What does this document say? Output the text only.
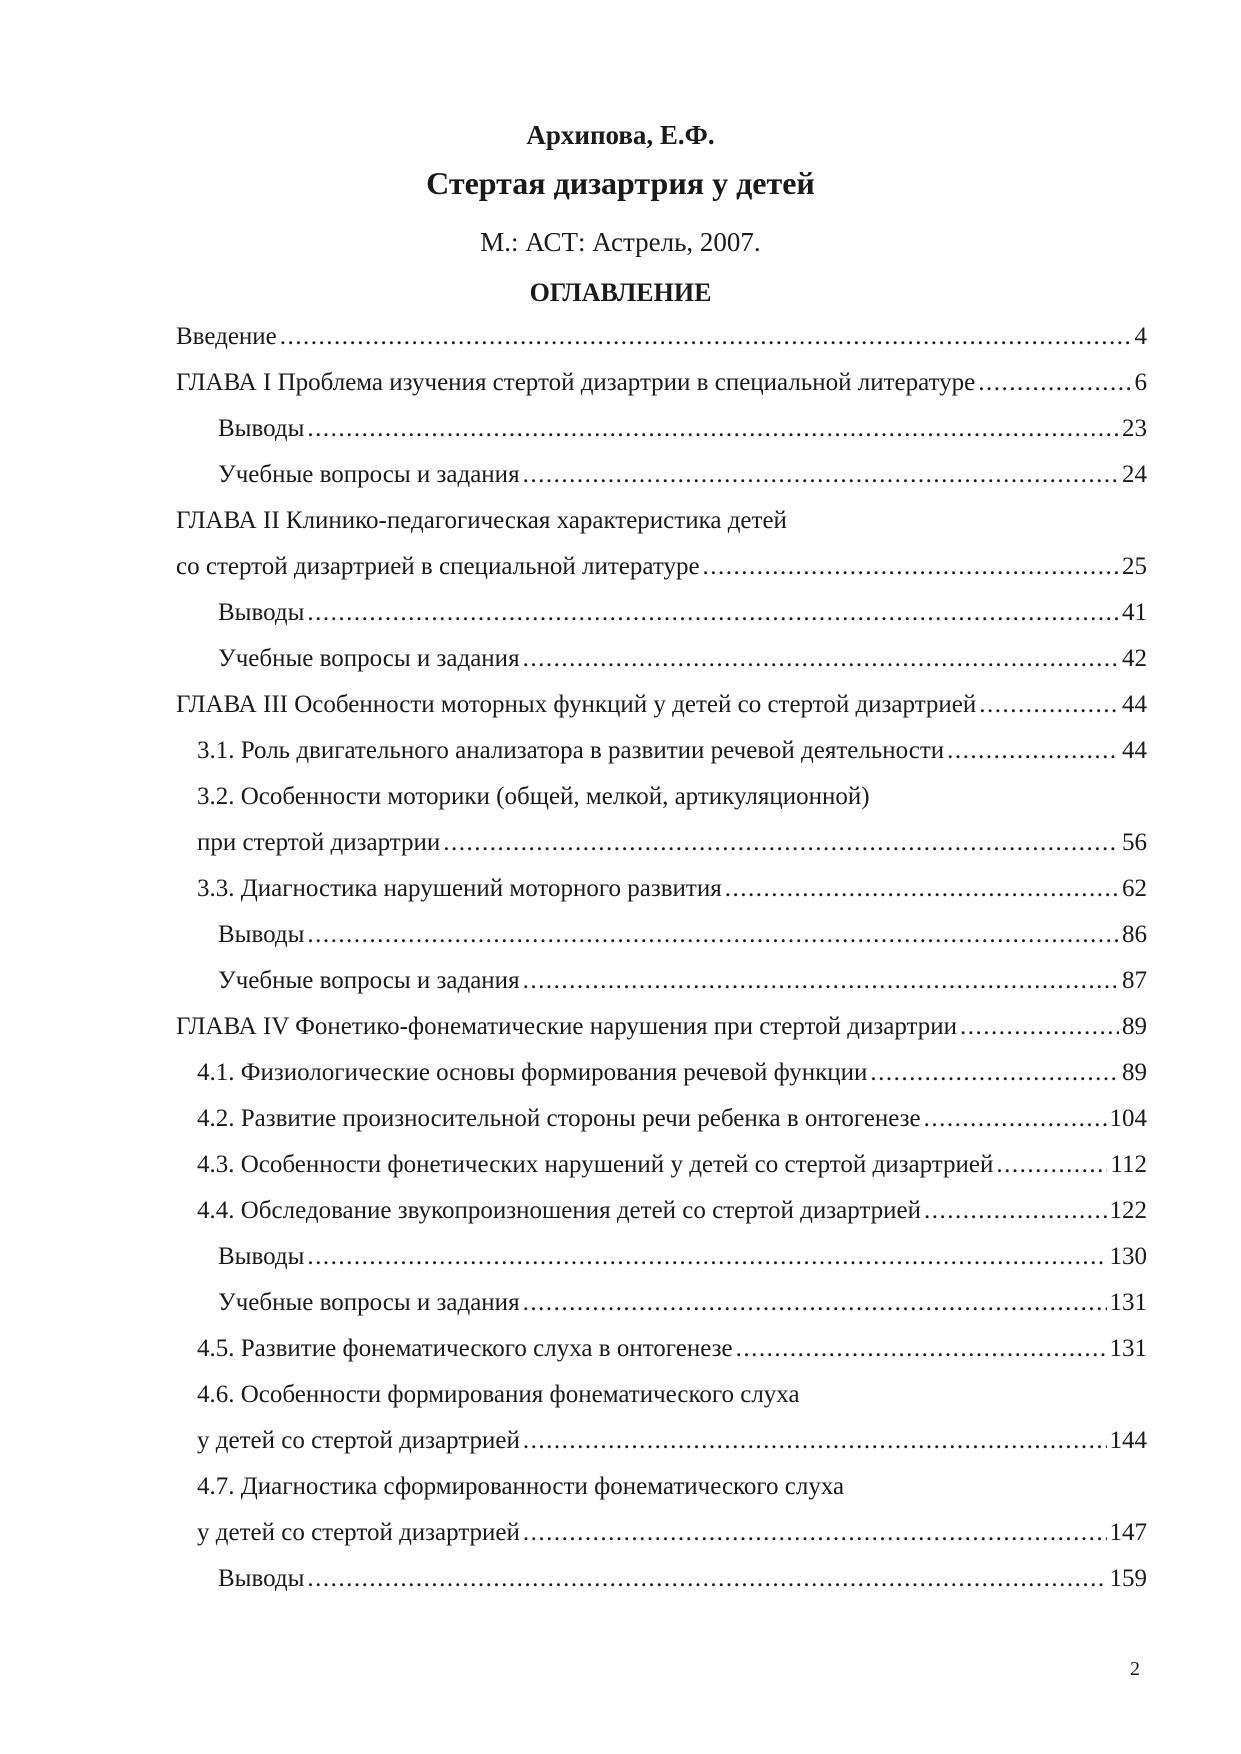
Архипова, Е.Ф.
Стертая дизартрия у детей
М.: АСТ: Астрель, 2007.
ОГЛАВЛЕНИЕ
Введение .....	4
ГЛАВА I Проблема изучения стертой дизартрии в специальной литературе .....	6
Выводы .....	23
Учебные вопросы и задания .....	24
ГЛАВА II Клинико-педагогическая характеристика детей
со стертой дизартрией в специальной литературе .....	25
Выводы .....	41
Учебные вопросы и задания .....	42
ГЛАВА III Особенности моторных функций у детей со стертой дизартрией .....	44
3.1. Роль двигательного анализатора в развитии речевой деятельности .....	44
3.2. Особенности моторики (общей, мелкой, артикуляционной)
при стертой дизартрии .....	56
3.3. Диагностика нарушений моторного развития .....	62
Выводы .....	86
Учебные вопросы и задания .....	87
ГЛАВА IV Фонетико-фонематические нарушения при стертой дизартрии .....	89
4.1. Физиологические основы формирования речевой функции .....	89
4.2. Развитие произносительной стороны речи ребенка в онтогенезе .....	104
4.3. Особенности фонетических нарушений у детей со стертой дизартрией .....	112
4.4. Обследование звукопроизношения детей со стертой дизартрией .....	122
Выводы .....	130
Учебные вопросы и задания .....	131
4.5. Развитие фонематического слуха в онтогенезе .....	131
4.6. Особенности формирования фонематического слуха
у детей со стертой дизартрией .....	144
4.7. Диагностика сформированности фонематического слуха
у детей со стертой дизартрией .....	147
Выводы .....	159
2
